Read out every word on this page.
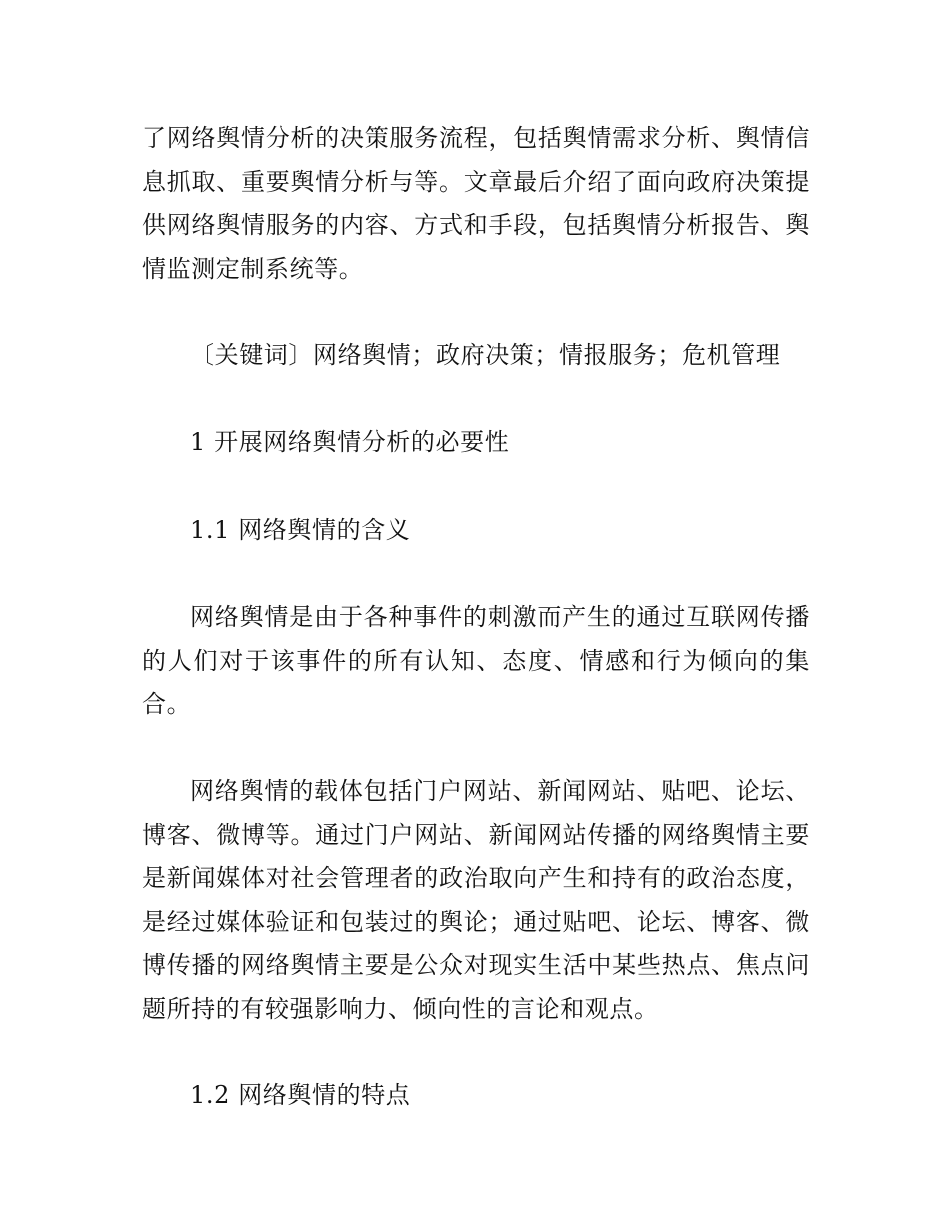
了网络舆情分析的决策服务流程，包括舆情需求分析、舆情信息抓取、重要舆情分析与等。文章最后介绍了面向政府决策提供网络舆情服务的内容、方式和手段，包括舆情分析报告、舆情监测定制系统等。

〔关键词〕网络舆情；政府决策；情报服务；危机管理

1 开展网络舆情分析的必要性

1.1 网络舆情的含义

网络舆情是由于各种事件的刺激而产生的通过互联网传播的人们对于该事件的所有认知、态度、情感和行为倾向的集合。

网络舆情的载体包括门户网站、新闻网站、贴吧、论坛、博客、微博等。通过门户网站、新闻网站传播的网络舆情主要是新闻媒体对社会管理者的政治取向产生和持有的政治态度，是经过媒体验证和包装过的舆论；通过贴吧、论坛、博客、微博传播的网络舆情主要是公众对现实生活中某些热点、焦点问题所持的有较强影响力、倾向性的言论和观点。

1.2 网络舆情的特点
